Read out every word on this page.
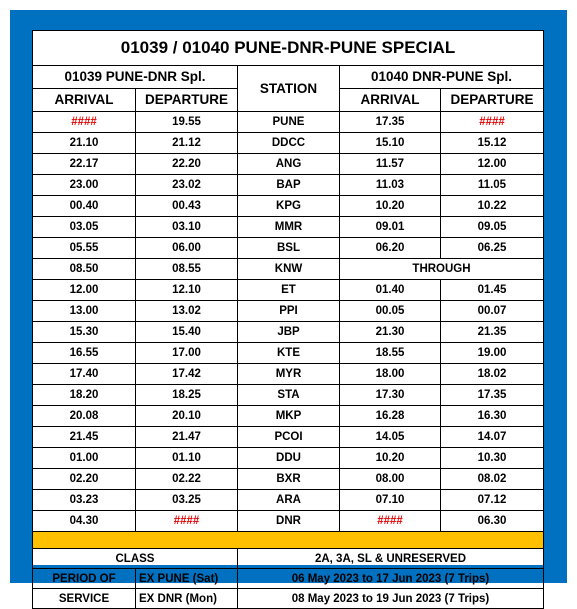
01039 / 01040 PUNE-DNR-PUNE SPECIAL				
01039 PUNE-DNR Spl.		STATION	01040 DNR-PUNE Spl.	
ARRIVAL	DEPARTURE		ARRIVAL	DEPARTURE
####	19.55	PUNE	17.35	####
21.10	21.12	DDCC	15.10	15.12
22.17	22.20	ANG	11.57	12.00
23.00	23.02	BAP	11.03	11.05
00.40	00.43	KPG	10.20	10.22
03.05	03.10	MMR	09.01	09.05
05.55	06.00	BSL	06.20	06.25
08.50	08.55	KNW	THROUGH	
12.00	12.10	ET	01.40	01.45
13.00	13.02	PPI	00.05	00.07
15.30	15.40	JBP	21.30	21.35
16.55	17.00	KTE	18.55	19.00
17.40	17.42	MYR	18.00	18.02
18.20	18.25	STA	17.30	17.35
20.08	20.10	MKP	16.28	16.30
21.45	21.47	PCOI	14.05	14.07
01.00	01.10	DDU	10.20	10.30
02.20	02.22	BXR	08.00	08.02
03.23	03.25	ARA	07.10	07.12
04.30	####	DNR	####	06.30

CLASS		2A, 3A, SL & UNRESERVED		
PERIOD OF	EX PUNE (Sat)	06 May 2023 to 17 Jun 2023 (7 Trips)		
SERVICE	EX DNR (Mon)	08 May 2023 to 19 Jun 2023 (7 Trips)		
